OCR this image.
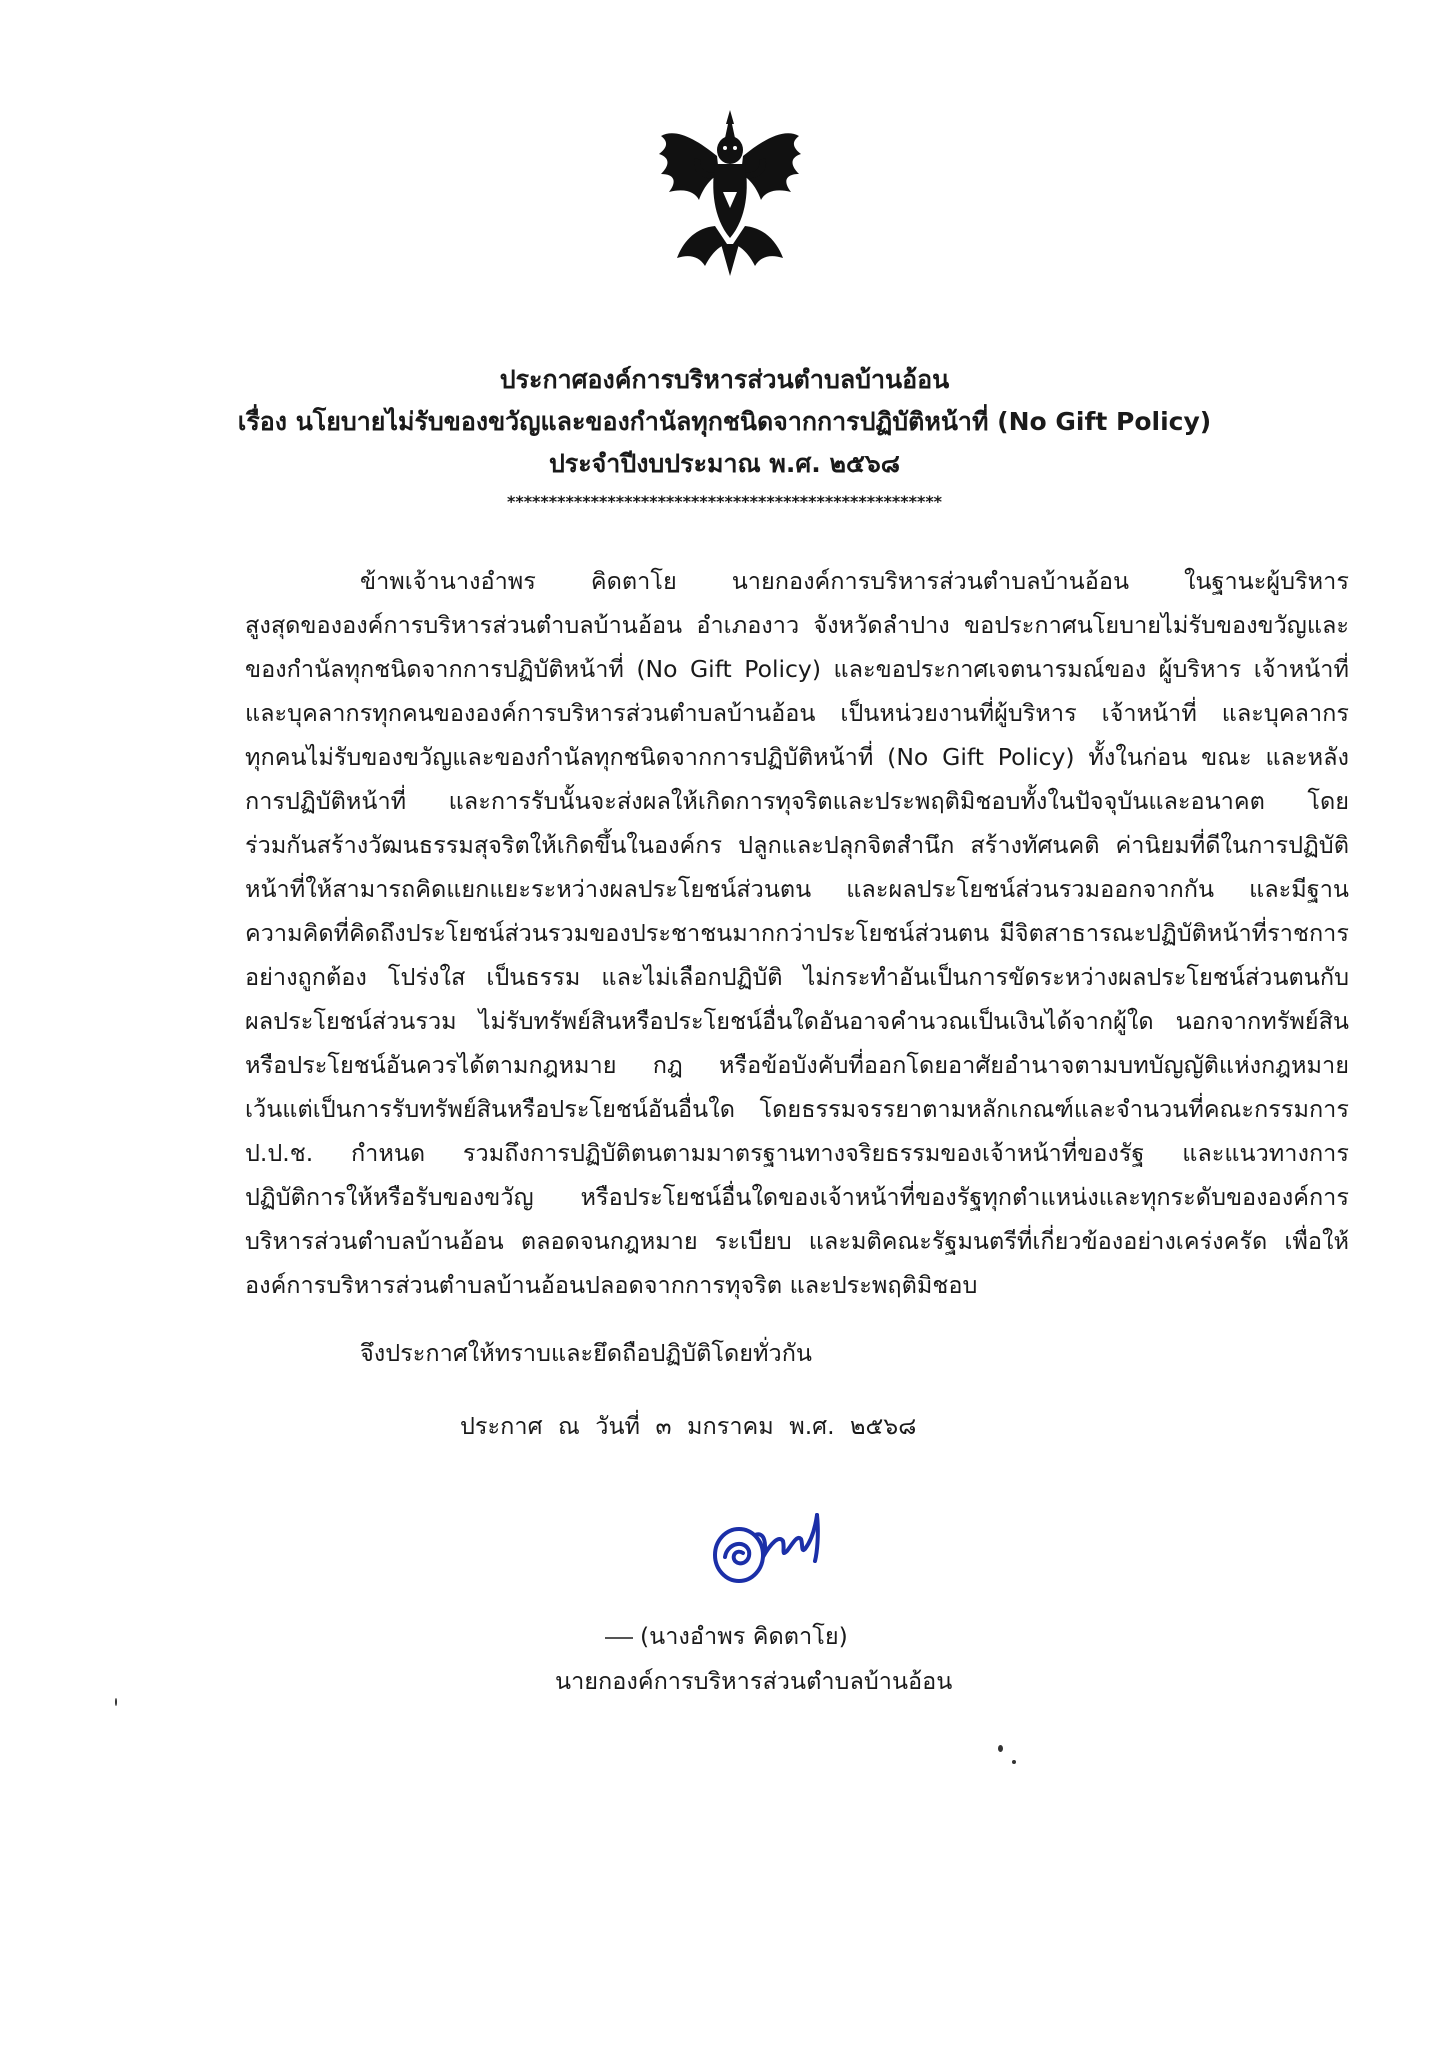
ประกาศองค์การบริหารส่วนตำบลบ้านอ้อน
เรื่อง นโยบายไม่รับของขวัญและของกำนัลทุกชนิดจากการปฏิบัติหน้าที่ (No Gift Policy)
ประจำปีงบประมาณ พ.ศ. ๒๕๖๘
****************************************************
ข้าพเจ้านางอำพร คิดตาโย นายกองค์การบริหารส่วนตำบลบ้านอ้อน ในฐานะผู้บริหาร
สูงสุดขององค์การบริหารส่วนตำบลบ้านอ้อน อำเภองาว จังหวัดลำปาง ขอประกาศนโยบายไม่รับของขวัญและ
ของกำนัลทุกชนิดจากการปฏิบัติหน้าที่ (No Gift Policy) และขอประกาศเจตนารมณ์ของ ผู้บริหาร เจ้าหน้าที่
และบุคลากรทุกคนขององค์การบริหารส่วนตำบลบ้านอ้อน เป็นหน่วยงานที่ผู้บริหาร เจ้าหน้าที่ และบุคลากร
ทุกคนไม่รับของขวัญและของกำนัลทุกชนิดจากการปฏิบัติหน้าที่ (No Gift Policy) ทั้งในก่อน ขณะ และหลัง
การปฏิบัติหน้าที่ และการรับนั้นจะส่งผลให้เกิดการทุจริตและประพฤติมิชอบทั้งในปัจจุบันและอนาคต โดย
ร่วมกันสร้างวัฒนธรรมสุจริตให้เกิดขึ้นในองค์กร ปลูกและปลุกจิตสำนึก สร้างทัศนคติ ค่านิยมที่ดีในการปฏิบัติ
หน้าที่ให้สามารถคิดแยกแยะระหว่างผลประโยชน์ส่วนตน และผลประโยชน์ส่วนรวมออกจากกัน และมีฐาน
ความคิดที่คิดถึงประโยชน์ส่วนรวมของประชาชนมากกว่าประโยชน์ส่วนตน มีจิตสาธารณะปฏิบัติหน้าที่ราชการ
อย่างถูกต้อง โปร่งใส เป็นธรรม และไม่เลือกปฏิบัติ ไม่กระทำอันเป็นการขัดระหว่างผลประโยชน์ส่วนตนกับ
ผลประโยชน์ส่วนรวม ไม่รับทรัพย์สินหรือประโยชน์อื่นใดอันอาจคำนวณเป็นเงินได้จากผู้ใด นอกจากทรัพย์สิน
หรือประโยชน์อันควรได้ตามกฎหมาย กฎ หรือข้อบังคับที่ออกโดยอาศัยอำนาจตามบทบัญญัติแห่งกฎหมาย
เว้นแต่เป็นการรับทรัพย์สินหรือประโยชน์อันอื่นใด โดยธรรมจรรยาตามหลักเกณฑ์และจำนวนที่คณะกรรมการ
ป.ป.ช. กำหนด รวมถึงการปฏิบัติตนตามมาตรฐานทางจริยธรรมของเจ้าหน้าที่ของรัฐ และแนวทางการ
ปฏิบัติการให้หรือรับของขวัญ หรือประโยชน์อื่นใดของเจ้าหน้าที่ของรัฐทุกตำแหน่งและทุกระดับขององค์การ
บริหารส่วนตำบลบ้านอ้อน ตลอดจนกฎหมาย ระเบียบ และมติคณะรัฐมนตรีที่เกี่ยวข้องอย่างเคร่งครัด เพื่อให้
องค์การบริหารส่วนตำบลบ้านอ้อนปลอดจากการทุจริต และประพฤติมิชอบ
จึงประกาศให้ทราบและยึดถือปฏิบัติโดยทั่วกัน
ประกาศ ณ วันที่ ๓ มกราคม พ.ศ. ๒๕๖๘
(นางอำพร คิดตาโย)
นายกองค์การบริหารส่วนตำบลบ้านอ้อน
